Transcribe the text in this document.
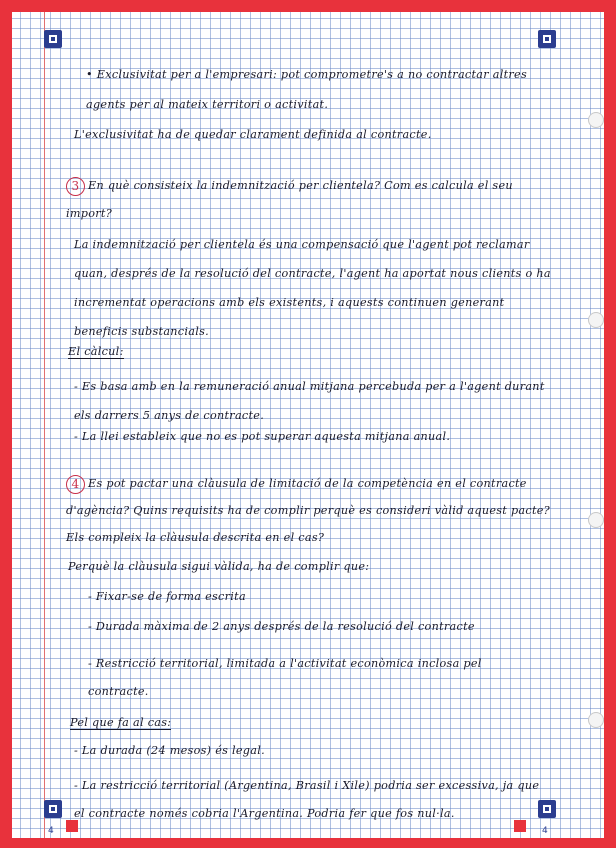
4	4
• Exclusivitat per a l'empresari: pot comprometre's a no contractar altres agents per al mateix territori o activitat.
L'exclusivitat ha de quedar clarament definida al contracte.
3 En què consisteix la indemnització per clientela? Com es calcula el seu import?
La indemnització per clientela és una compensació que l'agent pot reclamar quan, després de la resolució del contracte, l'agent ha aportat nous clients o ha incrementat operacions amb els existents, i aquests continuen generant beneficis substancials.
El càlcul:
- Es basa amb en la remuneració anual mitjana percebuda per a l'agent durant els darrers 5 anys de contracte.
- La llei estableix que no es pot superar aquesta mitjana anual.
4 Es pot pactar una clàusula de limitació de la competència en el contracte d'agència? Quins requisits ha de complir perquè es consideri vàlid aquest pacte? Els compleix la clàusula descrita en el cas?
Perquè la clàusula sigui vàlida, ha de complir que:
- Fixar-se de forma escrita
- Durada màxima de 2 anys després de la resolució del contracte
- Restricció territorial, limitada a l'activitat econòmica inclosa pel contracte.
Pel que fa al cas:
- La durada (24 mesos) és legal.
- La restricció territorial (Argentina, Brasil i Xile) podria ser excessiva, ja que el contracte només cobria l'Argentina. Podria fer que fos nul·la.
